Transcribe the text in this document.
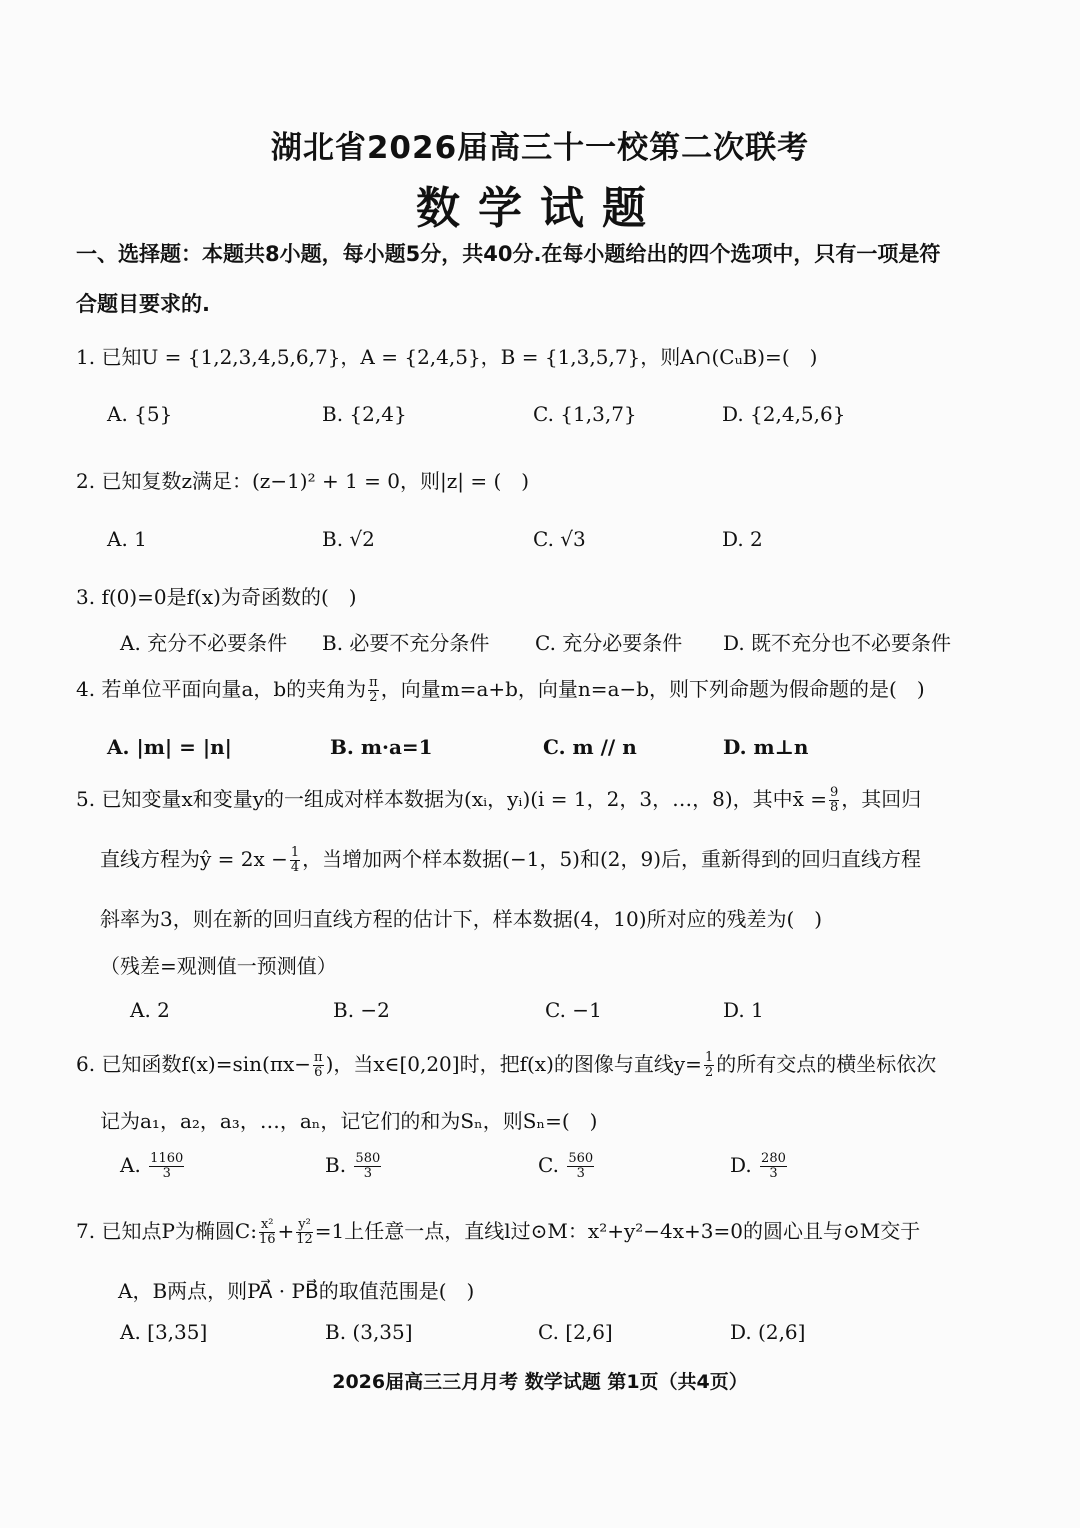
湖北省2026届高三十一校第二次联考
数学试题
一、选择题：本题共8小题，每小题5分，共40分.在每小题给出的四个选项中，只有一项是符
合题目要求的.
1. 已知U = {1,2,3,4,5,6,7}，A = {2,4,5}，B = {1,3,5,7}，则A∩(CᵤB)=(　)
A. {5}	B. {2,4}	C. {1,3,7}	D. {2,4,5,6}
2. 已知复数z满足：(z−1)² + 1 = 0，则|z| = (　)
A. 1	B. √2	C. √3	D. 2
3. f(0)=0是f(x)为奇函数的(　)
A. 充分不必要条件 B. 必要不充分条件 C. 充分必要条件 D. 既不充分也不必要条件
4. 若单位平面向量a，b的夹角为 $\frac{\pi}{2}$ ，向量m=a+b，向量n=a−b，则下列命题为假命题的是(　)
A. |m| = |n|	B. m·a=1	C. m // n	D. m⊥n
5. 已知变量x和变量y的一组成对样本数据为(xᵢ，yᵢ)(i = 1，2，3，…，8)，其中x̄ = $\frac{9}{8}$ ，其回归
直线方程为ŷ = $2x - \frac{1}{4}$ ，当增加两个样本数据(−1，5)和(2，9)后，重新得到的回归直线方程
斜率为3，则在新的回归直线方程的估计下，样本数据(4，10)所对应的残差为(　)
（残差=观测值一预测值）
A. 2	B. −2	C. −1	D. 1
6. 已知函数$f(x)=\sin(\pi x- \frac{\pi}{6}$ )，当x∈[0,20]时，把f(x)的图像与直线$y= \frac{1}{2}$ 的所有交点的横坐标依次
记为a₁，a₂，a₃，…，aₙ，记它们的和为Sₙ，则Sₙ=(　)
A. $\frac{1160}{3}$	B. $\frac{580}{3}$	C. $\frac{560}{3}$	D. $\frac{280}{3}$
7. 已知点P为椭圆C: $\frac{\text{x²}}{16} + \frac{\text{y²}}{12} =1$上任意一点，直线l过⊙M：x²+y²−4x+3=0的圆心且与⊙M交于
A，B两点，则PA⃗ · PB⃗的取值范围是(　)
A. [3,35]	B. (3,35]	C. [2,6]	D. (2,6]
2026届高三三月月考 数学试题 第1页（共4页）
